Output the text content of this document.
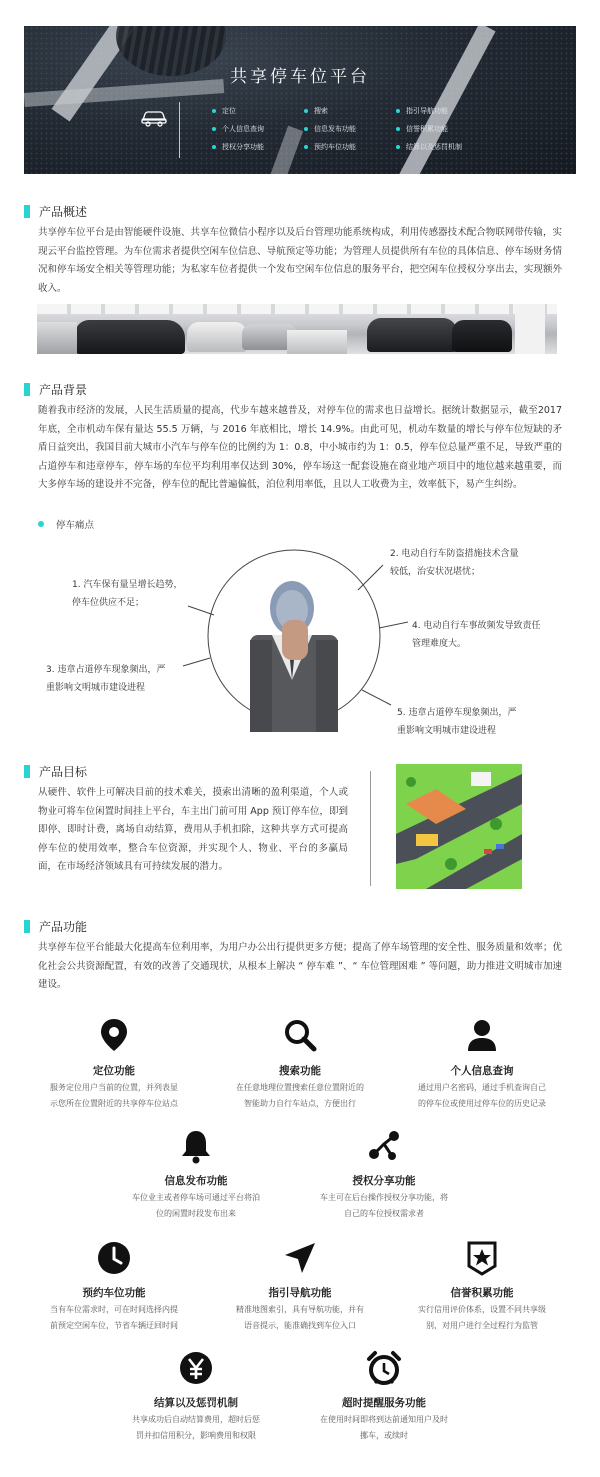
共享停车位平台
定位	搜索	指引导航功能
个人信息查询	信息发布功能	信誉积累功能
授权分享功能	预约车位功能	结算以及惩罚机制
产品概述
共享停车位平台是由智能硬件设施、共享车位微信小程序以及后台管理功能系统构成，利用传感器技术配合物联网带传输，实现云平台监控管理。为车位需求者提供空闲车位信息、导航预定等功能；为管理人员提供所有车位的具体信息、停车场财务情况和停车场安全相关等管理功能；为私家车位者提供一个发布空闲车位信息的服务平台，把空闲车位授权分享出去，实现额外收入。
产品背景
随着我市经济的发展，人民生活质量的提高，代步车越来越普及，对停车位的需求也日益增长。据统计数据显示，截至2017 年底，全市机动车保有量达 55.5 万辆，与 2016 年底相比，增长 14.9%。由此可见，机动车数量的增长与停车位短缺的矛盾日益突出，我国目前大城市小汽车与停车位的比例约为 1：0.8，中小城市约为 1：0.5，停车位总量严重不足，导致严重的占道停车和违章停车，停车场的车位平均利用率仅达到 30%，停车场这一配套设施在商业地产项目中的地位越来越重要，而大多停车场的建设并不完备，停车位的配比普遍偏低，泊位利用率低，且以人工收费为主，效率低下，易产生纠纷。
停车痛点
1. 汽车保有量呈增长趋势，
停车位供应不足；
2. 电动自行车防盗措施技术含量
较低，治安状况堪忧；
3. 违章占道停车现象频出，严
重影响文明城市建设进程
4. 电动自行车事故频发导致责任
管理难度大。
5. 违章占道停车现象频出，严
重影响文明城市建设进程
产品目标
从硬件、软件上可解决目前的技术难关，摸索出清晰的盈利渠道，个人或物业可将车位闲置时间挂上平台，车主出门前可用 App 预订停车位，即到即停、即时计费，离场自动结算，费用从手机扣除，这种共享方式可提高停车位的使用效率，整合车位资源，并实现个人、物业、平台的多赢局面，在市场经济领域具有可持续发展的潜力。
产品功能
共享停车位平台能最大化提高车位利用率，为用户办公出行提供更多方便；提高了停车场管理的安全性、服务质量和效率；优化社会公共资源配置，有效的改善了交通现状，从根本上解决 “ 停车难 ”、“ 车位管理困难 ” 等问题，助力推进文明城市加速建设。
定位功能
服务定位用户当前的位置，并列表显
示您所在位置附近的共享停车位站点
搜索功能
在任意地理位置搜索任意位置附近的
智能助力自行车站点，方便出行
个人信息查询
通过用户名密码，通过手机查询自己
的停车位或使用过停车位的历史记录
信息发布功能
车位业主或者停车场可通过平台将泊
位的闲置时段发布出来
授权分享功能
车主可在后台操作授权分享功能，将
自己的车位授权需求者
预约车位功能
当有车位需求时，可在时间选择内提
前预定空闲车位，节省车辆迂回时间
指引导航功能
精准地图索引，具有导航功能，并有
语音提示，能准确找到车位入口
信誉积累功能
实行信用评价体系，设置不同共享级
别，对用户进行全过程行为监管
结算以及惩罚机制
共享成功后自动结算费用，超时后惩
罚并扣信用积分，影响费用和权限
超时提醒服务功能
在使用时间即将到达前通知用户及时
挪车，或续时
